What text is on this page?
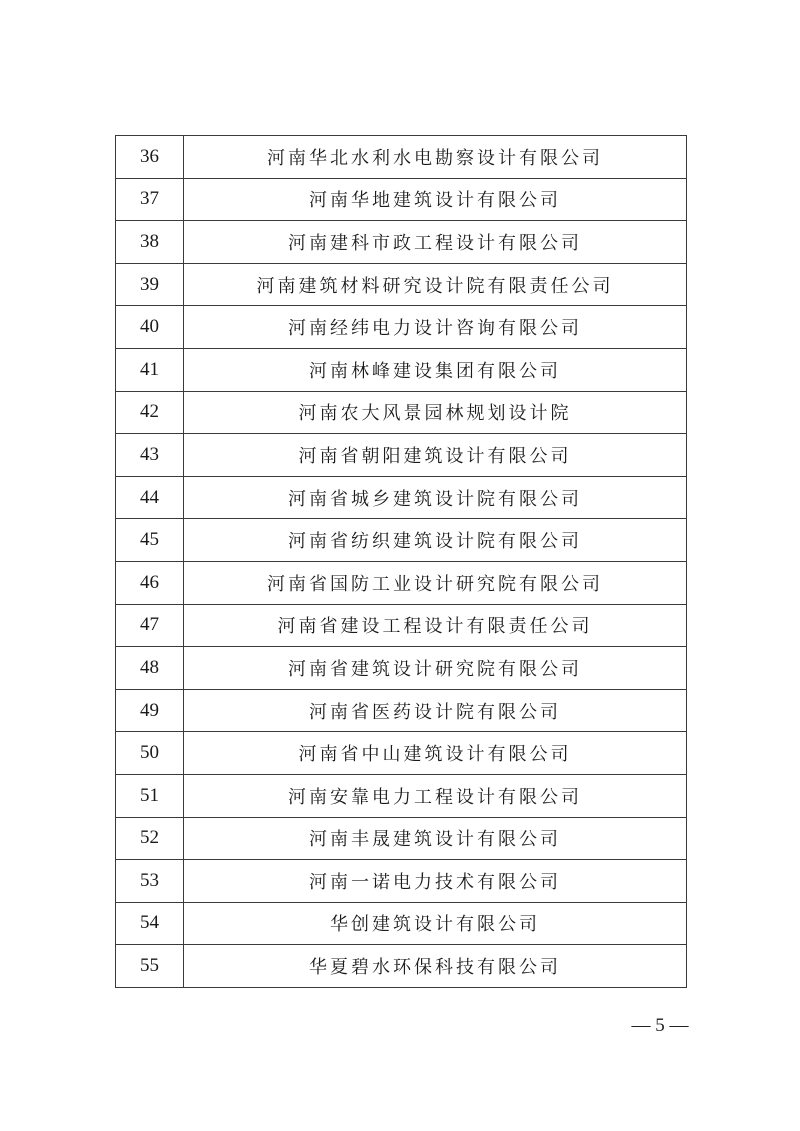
36	河南华北水利水电勘察设计有限公司
37	河南华地建筑设计有限公司
38	河南建科市政工程设计有限公司
39	河南建筑材料研究设计院有限责任公司
40	河南经纬电力设计咨询有限公司
41	河南林峰建设集团有限公司
42	河南农大风景园林规划设计院
43	河南省朝阳建筑设计有限公司
44	河南省城乡建筑设计院有限公司
45	河南省纺织建筑设计院有限公司
46	河南省国防工业设计研究院有限公司
47	河南省建设工程设计有限责任公司
48	河南省建筑设计研究院有限公司
49	河南省医药设计院有限公司
50	河南省中山建筑设计有限公司
51	河南安靠电力工程设计有限公司
52	河南丰晟建筑设计有限公司
53	河南一诺电力技术有限公司
54	华创建筑设计有限公司
55	华夏碧水环保科技有限公司
— 5 —
